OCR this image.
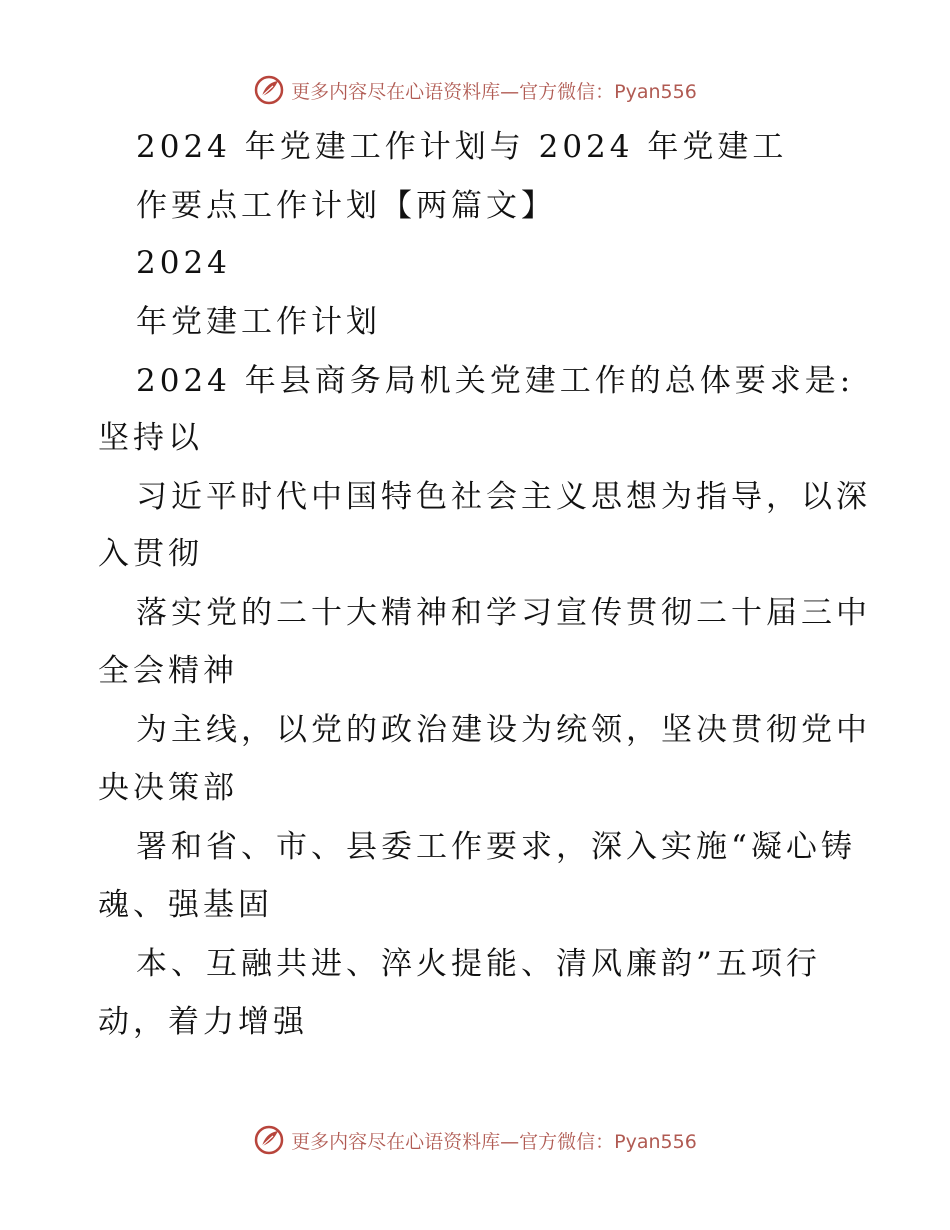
更多内容尽在心语资料库—官方微信：Pyan556
2024 年党建工作计划与 2024 年党建工
作要点工作计划【两篇文】
2024
年党建工作计划
2024 年县商务局机关党建工作的总体要求是:
坚持以
习近平时代中国特色社会主义思想为指导，以深
入贯彻
落实党的二十大精神和学习宣传贯彻二十届三中
全会精神
为主线，以党的政治建设为统领，坚决贯彻党中
央决策部
署和省、市、县委工作要求，深入实施“凝心铸
魂、强基固
本、互融共进、淬火提能、清风廉韵”五项行
动，着力增强
更多内容尽在心语资料库—官方微信：Pyan556
